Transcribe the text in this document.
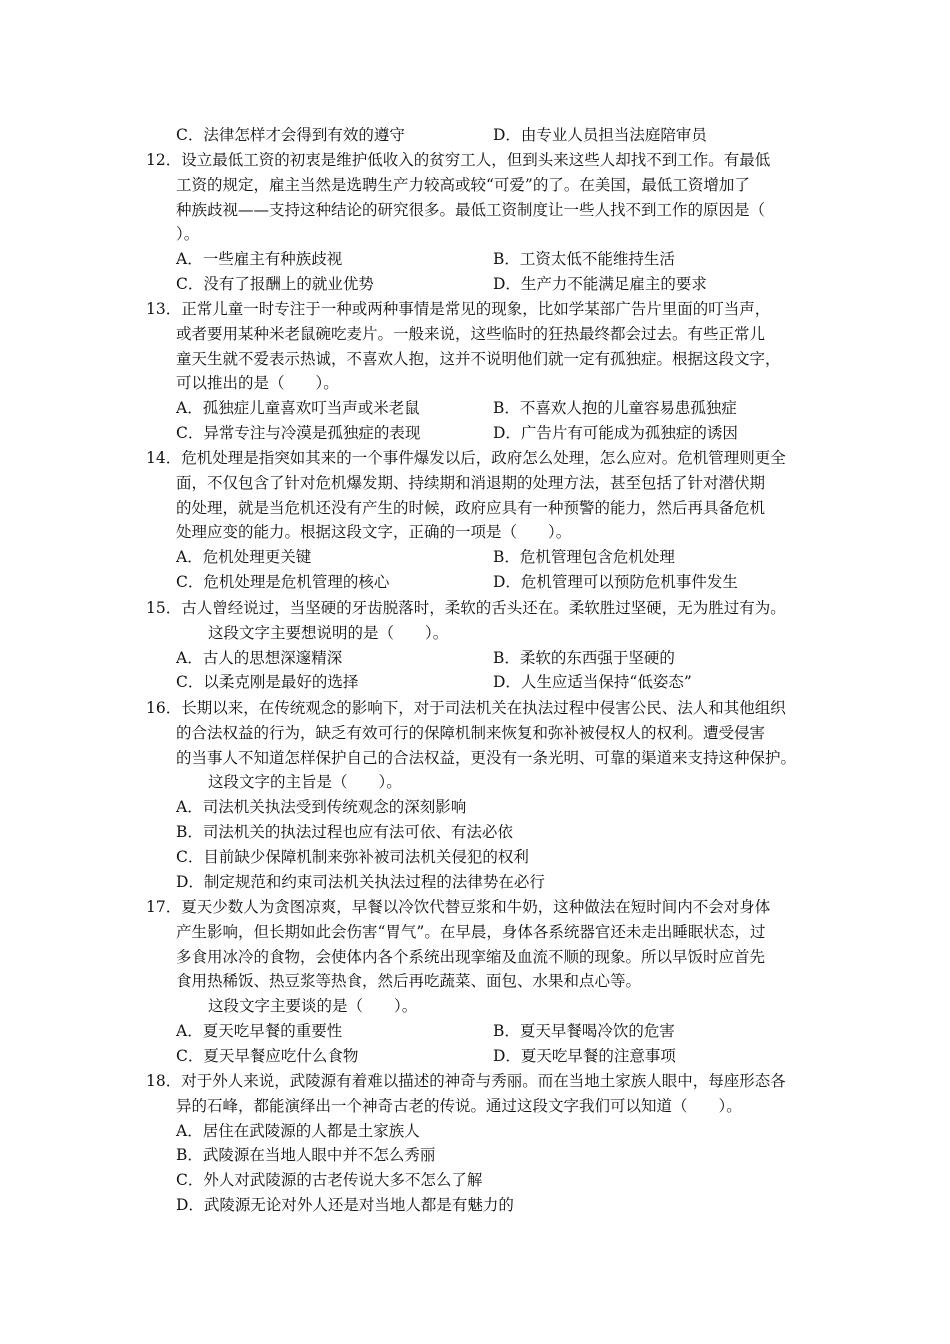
C．法律怎样才会得到有效的遵守	D．由专业人员担当法庭陪审员
12．设立最低工资的初衷是维护低收入的贫穷工人，但到头来这些人却找不到工作。有最低
工资的规定，雇主当然是选聘生产力较高或较“可爱”的了。在美国，最低工资增加了
种族歧视——支持这种结论的研究很多。最低工资制度让一些人找不到工作的原因是（
）。
A．一些雇主有种族歧视	B．工资太低不能维持生活
C．没有了报酬上的就业优势	D．生产力不能满足雇主的要求
13．正常儿童一时专注于一种或两种事情是常见的现象，比如学某部广告片里面的叮当声，
或者要用某种米老鼠碗吃麦片。一般来说，这些临时的狂热最终都会过去。有些正常儿
童天生就不爱表示热诚，不喜欢人抱，这并不说明他们就一定有孤独症。根据这段文字，
可以推出的是（　　）。
A．孤独症儿童喜欢叮当声或米老鼠	B．不喜欢人抱的儿童容易患孤独症
C．异常专注与冷漠是孤独症的表现	D．广告片有可能成为孤独症的诱因
14．危机处理是指突如其来的一个事件爆发以后，政府怎么处理，怎么应对。危机管理则更全
面，不仅包含了针对危机爆发期、持续期和消退期的处理方法，甚至包括了针对潜伏期
的处理，就是当危机还没有产生的时候，政府应具有一种预警的能力，然后再具备危机
处理应变的能力。根据这段文字，正确的一项是（　　）。
A．危机处理更关键	B．危机管理包含危机处理
C．危机处理是危机管理的核心	D．危机管理可以预防危机事件发生
15．古人曾经说过，当坚硬的牙齿脱落时，柔软的舌头还在。柔软胜过坚硬，无为胜过有为。
这段文字主要想说明的是（　　）。
A．古人的思想深邃精深	B．柔软的东西强于坚硬的
C．以柔克刚是最好的选择	D．人生应适当保持“低姿态”
16．长期以来，在传统观念的影响下，对于司法机关在执法过程中侵害公民、法人和其他组织
的合法权益的行为，缺乏有效可行的保障机制来恢复和弥补被侵权人的权利。遭受侵害
的当事人不知道怎样保护自己的合法权益，更没有一条光明、可靠的渠道来支持这种保护。
这段文字的主旨是（　　）。
A．司法机关执法受到传统观念的深刻影响
B．司法机关的执法过程也应有法可依、有法必依
C．目前缺少保障机制来弥补被司法机关侵犯的权利
D．制定规范和约束司法机关执法过程的法律势在必行
17．夏天少数人为贪图凉爽，早餐以冷饮代替豆浆和牛奶，这种做法在短时间内不会对身体
产生影响，但长期如此会伤害“胃气”。在早晨，身体各系统器官还未走出睡眠状态，过
多食用冰冷的食物，会使体内各个系统出现挛缩及血流不顺的现象。所以早饭时应首先
食用热稀饭、热豆浆等热食，然后再吃蔬菜、面包、水果和点心等。
这段文字主要谈的是（　　）。
A．夏天吃早餐的重要性	B．夏天早餐喝冷饮的危害
C．夏天早餐应吃什么食物	D．夏天吃早餐的注意事项
18．对于外人来说，武陵源有着难以描述的神奇与秀丽。而在当地土家族人眼中，每座形态各
异的石峰，都能演绎出一个神奇古老的传说。通过这段文字我们可以知道（　　）。
A．居住在武陵源的人都是土家族人
B．武陵源在当地人眼中并不怎么秀丽
C．外人对武陵源的古老传说大多不怎么了解
D．武陵源无论对外人还是对当地人都是有魅力的
